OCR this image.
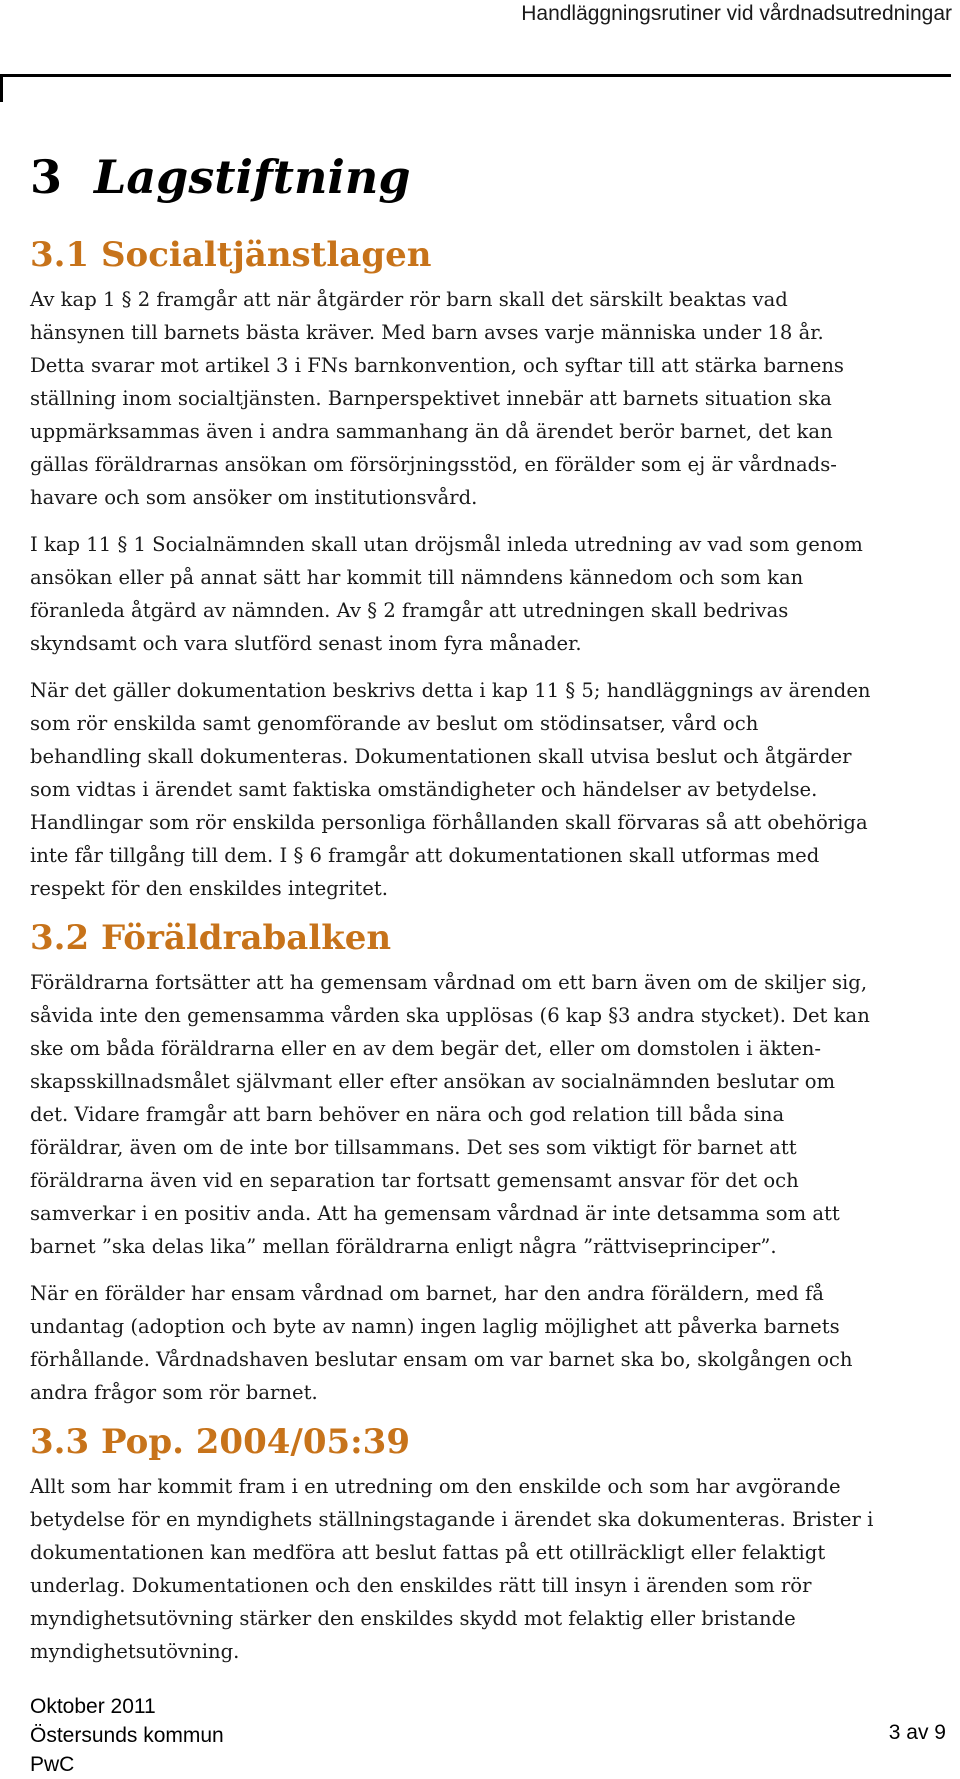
Handläggningsrutiner vid vårdnadsutredningar
3 Lagstiftning
3.1 Socialtjänstlagen

Av kap 1 § 2 framgår att när åtgärder rör barn skall det särskilt beaktas vad
hänsynen till barnets bästa kräver. Med barn avses varje människa under 18 år.
Detta svarar mot artikel 3 i FNs barnkonvention, och syftar till att stärka barnens
ställning inom socialtjänsten. Barnperspektivet innebär att barnets situation ska
uppmärksammas även i andra sammanhang än då ärendet berör barnet, det kan
gällas föräldrarnas ansökan om försörjningsstöd, en förälder som ej är vårdnads-
havare och som ansöker om institutionsvård.

I kap 11 § 1 Socialnämnden skall utan dröjsmål inleda utredning av vad som genom
ansökan eller på annat sätt har kommit till nämndens kännedom och som kan
föranleda åtgärd av nämnden. Av § 2 framgår att utredningen skall bedrivas
skyndsamt och vara slutförd senast inom fyra månader.

När det gäller dokumentation beskrivs detta i kap 11 § 5; handläggnings av ärenden
som rör enskilda samt genomförande av beslut om stödinsatser, vård och
behandling skall dokumenteras. Dokumentationen skall utvisa beslut och åtgärder
som vidtas i ärendet samt faktiska omständigheter och händelser av betydelse.
Handlingar som rör enskilda personliga förhållanden skall förvaras så att obehöriga
inte får tillgång till dem. I § 6 framgår att dokumentationen skall utformas med
respekt för den enskildes integritet.

3.2 Föräldrabalken

Föräldrarna fortsätter att ha gemensam vårdnad om ett barn även om de skiljer sig,
såvida inte den gemensamma vården ska upplösas (6 kap §3 andra stycket). Det kan
ske om båda föräldrarna eller en av dem begär det, eller om domstolen i äkten-
skapsskillnadsmålet självmant eller efter ansökan av socialnämnden beslutar om
det. Vidare framgår att barn behöver en nära och god relation till båda sina
föräldrar, även om de inte bor tillsammans. Det ses som viktigt för barnet att
föräldrarna även vid en separation tar fortsatt gemensamt ansvar för det och
samverkar i en positiv anda. Att ha gemensam vårdnad är inte detsamma som att
barnet ”ska delas lika” mellan föräldrarna enligt några ”rättviseprinciper”.

När en förälder har ensam vårdnad om barnet, har den andra föräldern, med få
undantag (adoption och byte av namn) ingen laglig möjlighet att påverka barnets
förhållande. Vårdnadshaven beslutar ensam om var barnet ska bo, skolgången och
andra frågor som rör barnet.

3.3 Pop. 2004/05:39

Allt som har kommit fram i en utredning om den enskilde och som har avgörande
betydelse för en myndighets ställningstagande i ärendet ska dokumenteras. Brister i
dokumentationen kan medföra att beslut fattas på ett otillräckligt eller felaktigt
underlag. Dokumentationen och den enskildes rätt till insyn i ärenden som rör
myndighetsutövning stärker den enskildes skydd mot felaktig eller bristande
myndighetsutövning.

Oktober 2011
Östersunds kommun
PwC
3 av 9
